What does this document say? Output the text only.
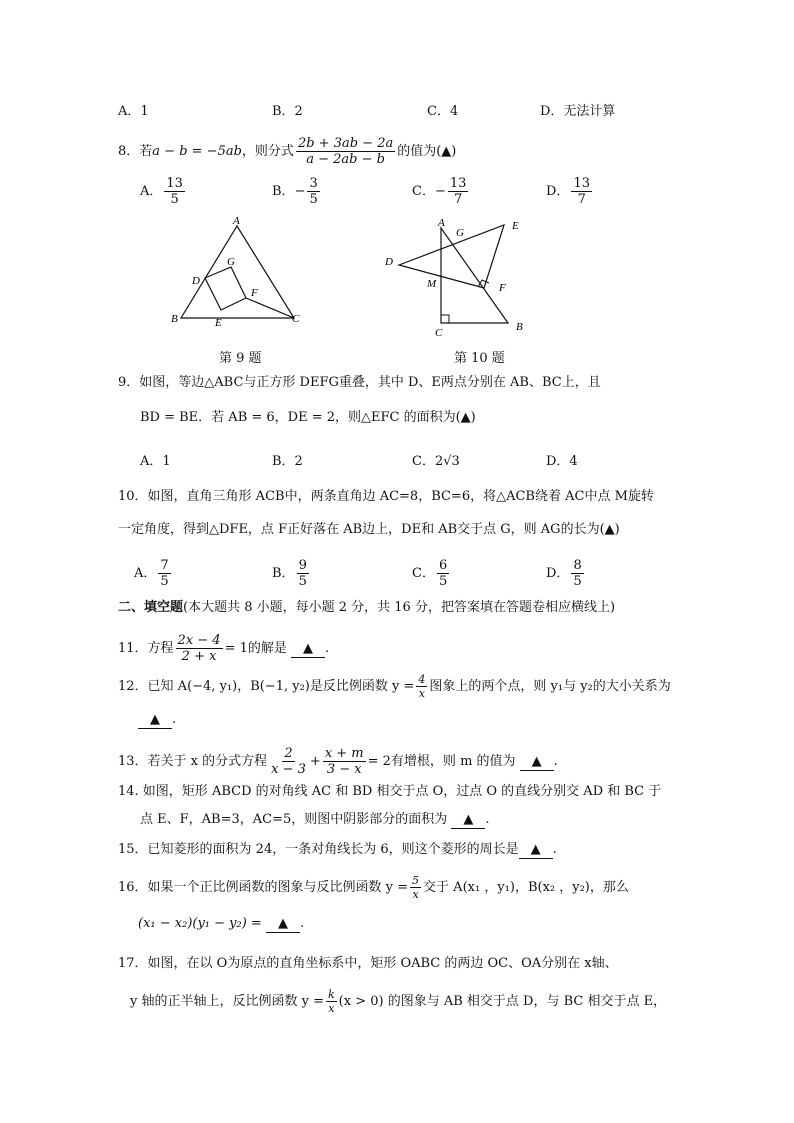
A．1	B．2	C．4	D．无法计算
8．若a − b = −5ab，则分式 $\frac{2b + 3ab - 2a}{a - 2ab - b}$ 的值为(▲)
A． $\frac{13}{5}$	B．− $\frac{3}{5}$	C．− $\frac{13}{7}$	D． $\frac{13}{7}$
A
B	C
D
E
F
G
第 9 题
A
B
C
D
E
F
G
M
第 10 题
9．如图，等边△ABC与正方形 DEFG重叠，其中 D、E两点分别在 AB、BC上，且
BD = BE．若 AB = 6，DE = 2，则△EFC 的面积为(▲)
A．1	B．2	C．2√3	D．4
10．如图，直角三角形 ACB中，两条直角边 AC=8，BC=6，将△ACB绕着 AC中点 M旋转
一定角度，得到△DFE，点 F正好落在 AB边上，DE和 AB交于点 G，则 AG的长为(▲)
A． $\frac{7}{5}$	B． $\frac{9}{5}$	C． $\frac{6}{5}$	D． $\frac{8}{5}$
二、填空题(本大题共 8 小题，每小题 2 分，共 16 分，把答案填在答题卷相应横线上)
11．方程 $\frac{2x - 4}{2 + x} = 1$的解是 ▲ .
12．已知 A(−4, y₁)，B(−1, y₂)是反比例函数 $y = \frac{4}{x}$ 图象上的两个点，则 y₁与 y₂的大小关系为
▲ .
13．若关于 x 的分式方程 $\frac{2}{x - 3} + \frac{x + m}{3 - x} = 2$有增根，则 m 的值为 ▲ .
14. 如图，矩形 ABCD 的对角线 AC 和 BD 相交于点 O，过点 O 的直线分别交 AD 和 BC 于
点 E、F，AB=3，AC=5，则图中阴影部分的面积为 ▲ .
15．已知菱形的面积为 24，一条对角线长为 6，则这个菱形的周长是 ▲ .
16．如果一个正比例函数的图象与反比例函数 $y = \frac{5}{x}$ 交于 A(x₁ ，y₁)，B(x₂ ，y₂)，那么
(x₁ − x₂)(y₁ − y₂) = ▲ .
17．如图，在以 O为原点的直角坐标系中，矩形 OABC 的两边 OC、OA分别在 x轴、
y 轴的正半轴上，反比例函数 $y = \frac{k}{x} (x > 0)$ 的图象与 AB 相交于点 D，与 BC 相交于点 E，
